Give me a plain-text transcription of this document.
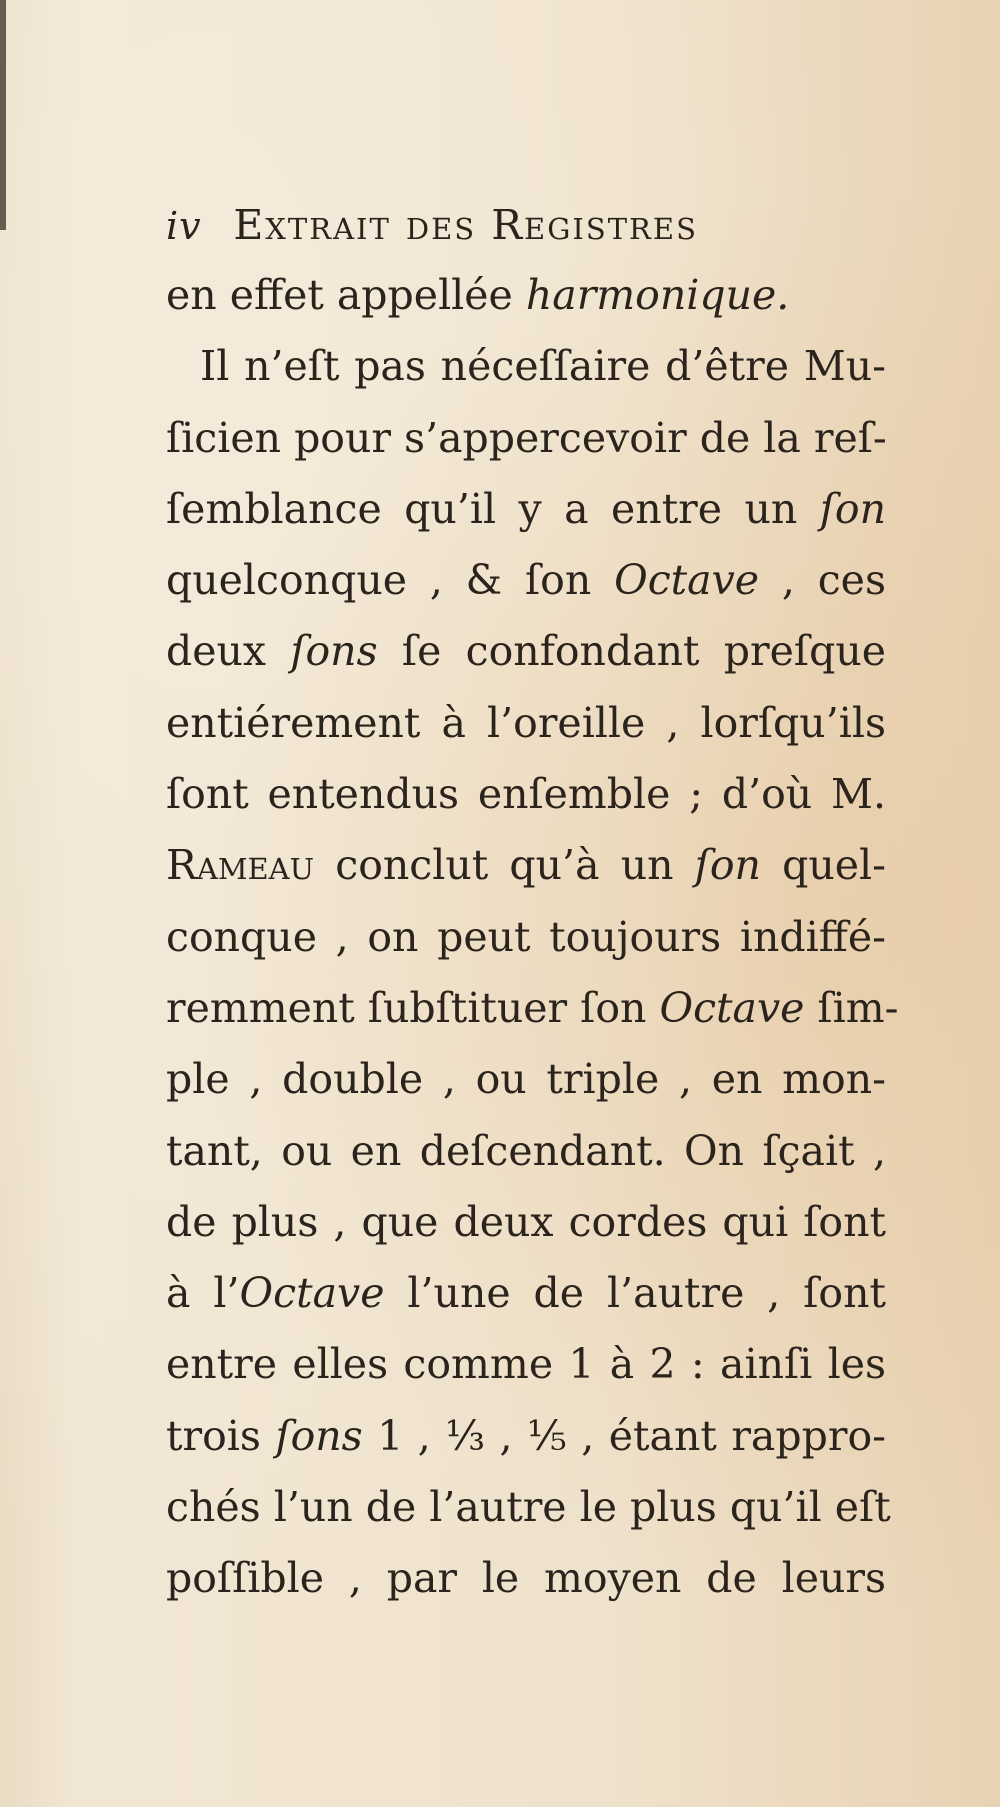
iv Extrait des Registres
en effet appellée harmonique.
Il n’eſt pas néceſſaire d’être Mu-
ſicien pour s’appercevoir de la reſ-
ſemblance qu’il y a entre un ſon
quelconque , & ſon Octave , ces
deux ſons ſe confondant preſque
entiérement à l’oreille , lorſqu’ils
ſont entendus enſemble ; d’où M.
Rameau conclut qu’à un ſon quel-
conque , on peut toujours indiffé-
remment ſubſtituer ſon Octave ſim-
ple , double , ou triple , en mon-
tant, ou en deſcendant. On ſçait ,
de plus , que deux cordes qui ſont
à l’Octave l’une de l’autre , ſont
entre elles comme 1 à 2 : ainſi les
trois ſons 1 , ⅓ , ⅕ , étant rappro-
chés l’un de l’autre le plus qu’il eſt
poſſible , par le moyen de leurs
